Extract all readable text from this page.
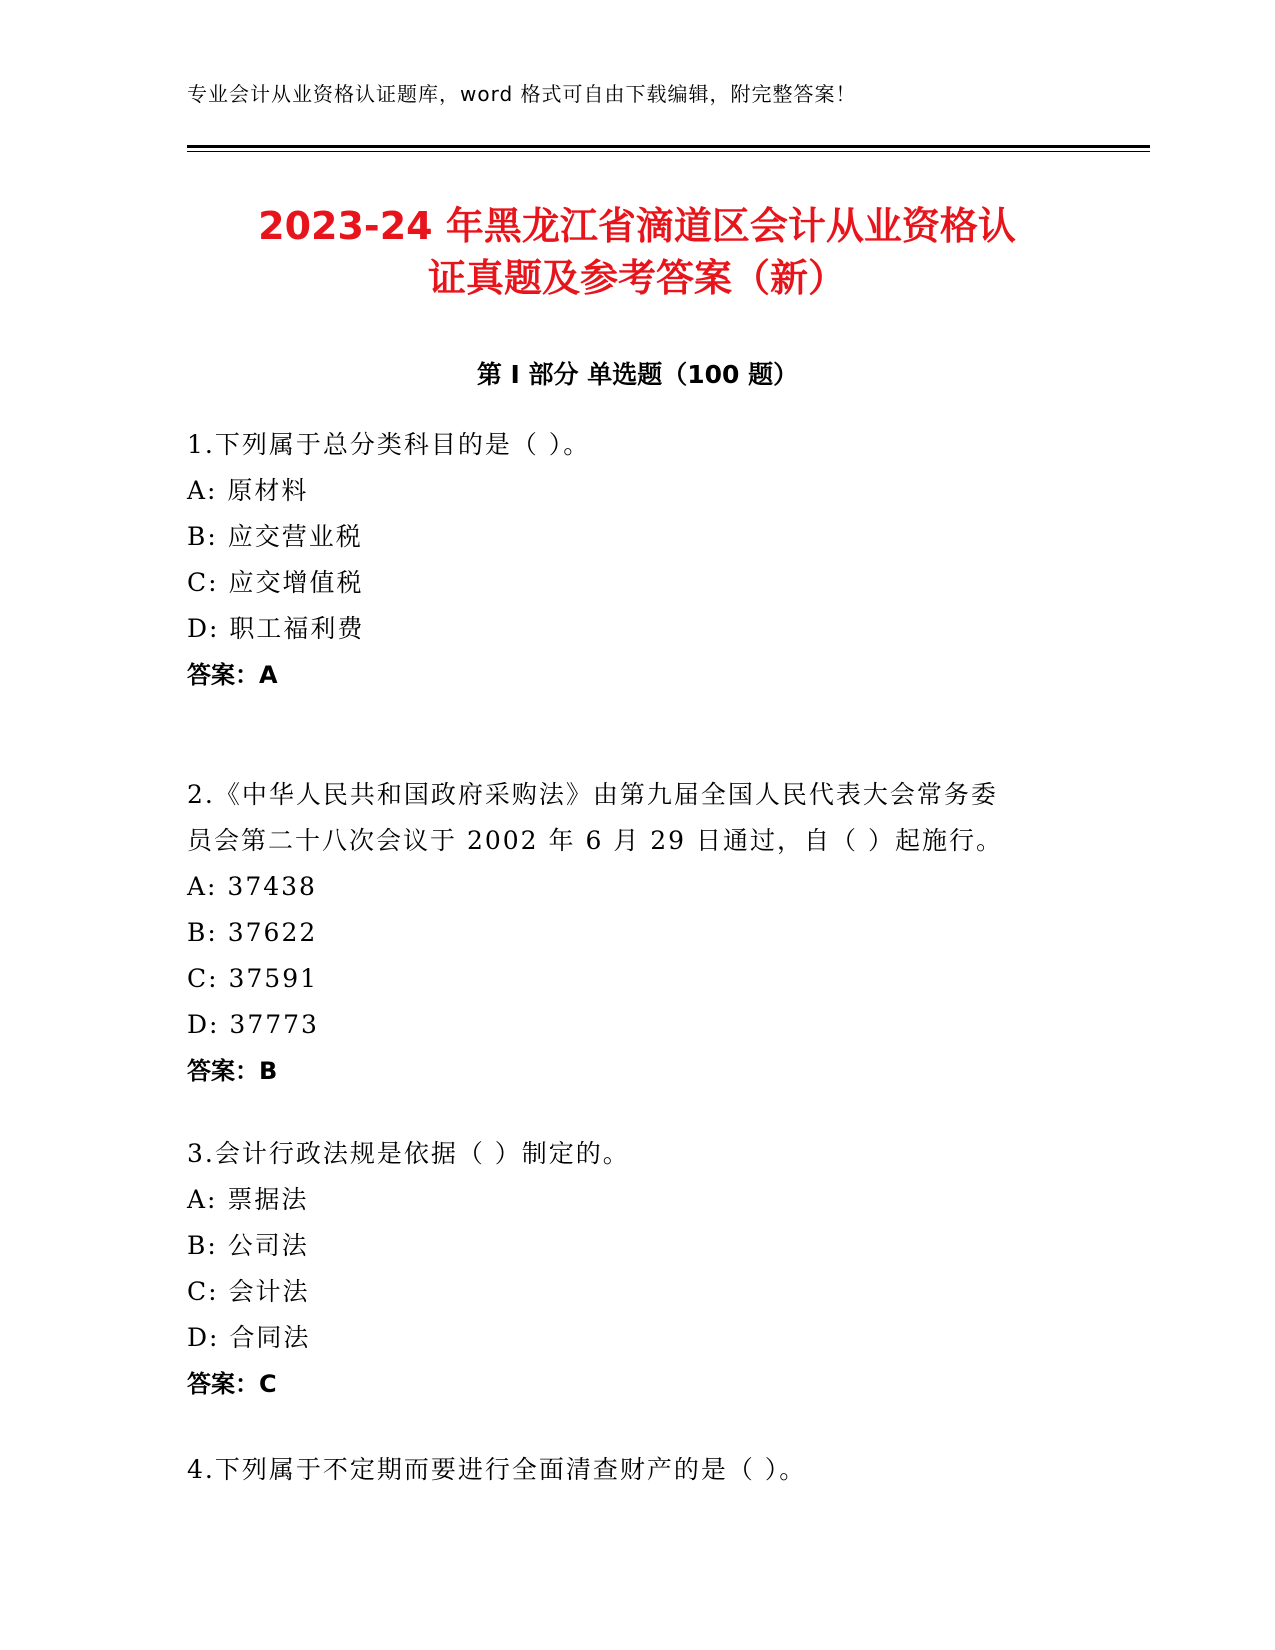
专业会计从业资格认证题库，word 格式可自由下载编辑，附完整答案！
2023-24 年黑龙江省滴道区会计从业资格认
证真题及参考答案（新）
第 I 部分 单选题（100 题）
1.下列属于总分类科目的是（ ）。
A: 原材料
B: 应交营业税
C: 应交增值税
D: 职工福利费
答案：A
2.《中华人民共和国政府采购法》由第九届全国人民代表大会常务委
员会第二十八次会议于 2002 年 6 月 29 日通过，自（ ）起施行。
A: 37438
B: 37622
C: 37591
D: 37773
答案：B
3.会计行政法规是依据（ ）制定的。
A: 票据法
B: 公司法
C: 会计法
D: 合同法
答案：C
4.下列属于不定期而要进行全面清查财产的是（ ）。
